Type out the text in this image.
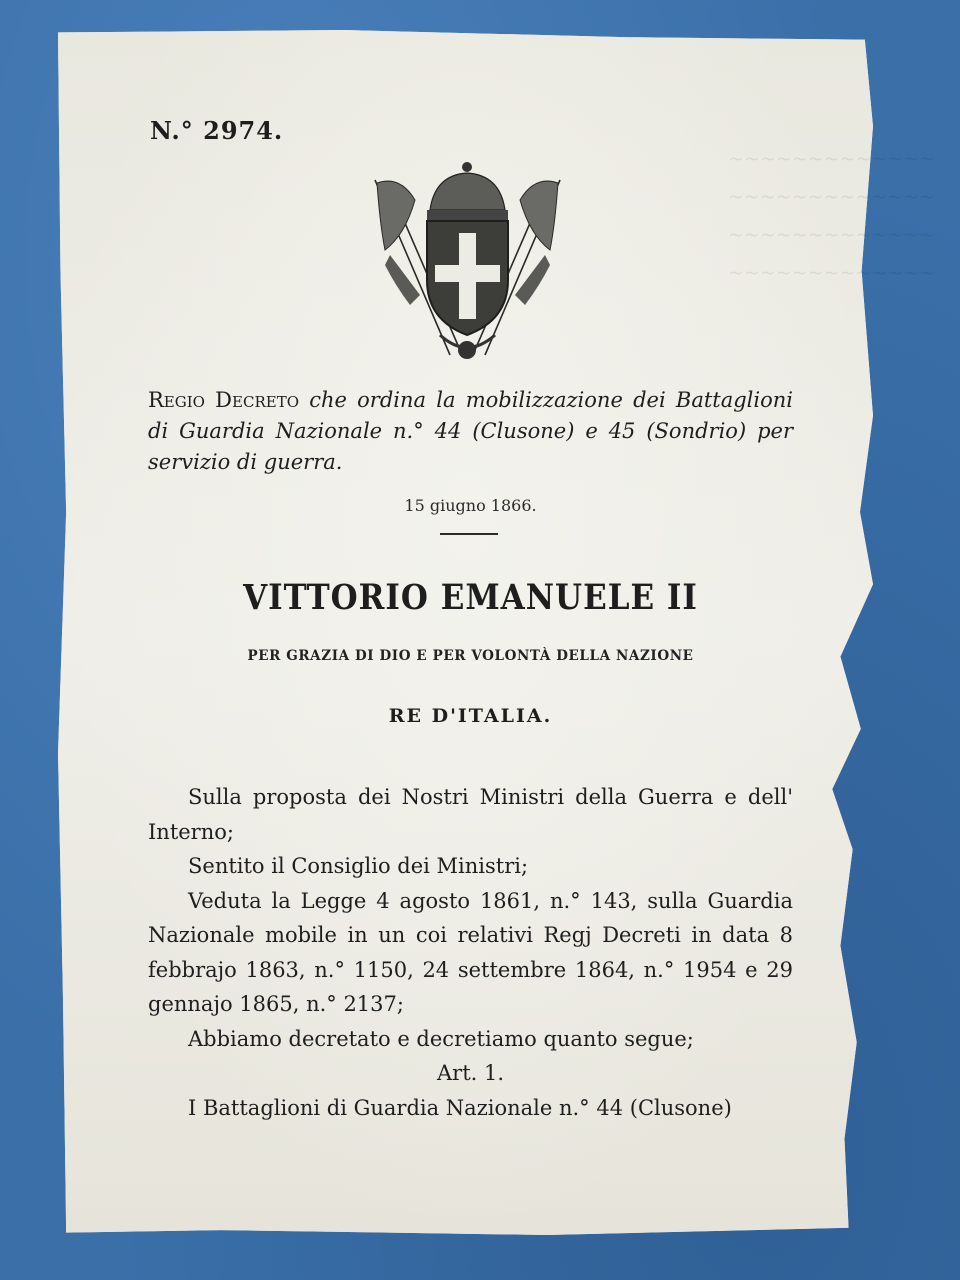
~~~~~~~~~~~~~
~~~~~~~~~~~~~
~~~~~~~~~~~~~
~~~~~~~~~~~~~
N.° 2974.
Regio Decreto che ordina la mobilizzazione dei Battaglioni di Guardia Nazionale n.° 44 (Clusone) e 45 (Sondrio) per servizio di guerra.
15 giugno 1866.
VITTORIO EMANUELE II
PER GRAZIA DI DIO E PER VOLONTÀ DELLA NAZIONE
RE D'ITALIA.

Sulla proposta dei Nostri Ministri della Guerra e dell' Interno;

Sentito il Consiglio dei Ministri;

Veduta la Legge 4 agosto 1861, n.° 143, sulla Guardia Nazionale mobile in un coi relativi Regj Decreti in data 8 febbrajo 1863, n.° 1150, 24 settembre 1864, n.° 1954 e 29 gennajo 1865, n.° 2137;

Abbiamo decretato e decretiamo quanto segue;

Art. 1.

I Battaglioni di Guardia Nazionale n.° 44 (Clusone)
